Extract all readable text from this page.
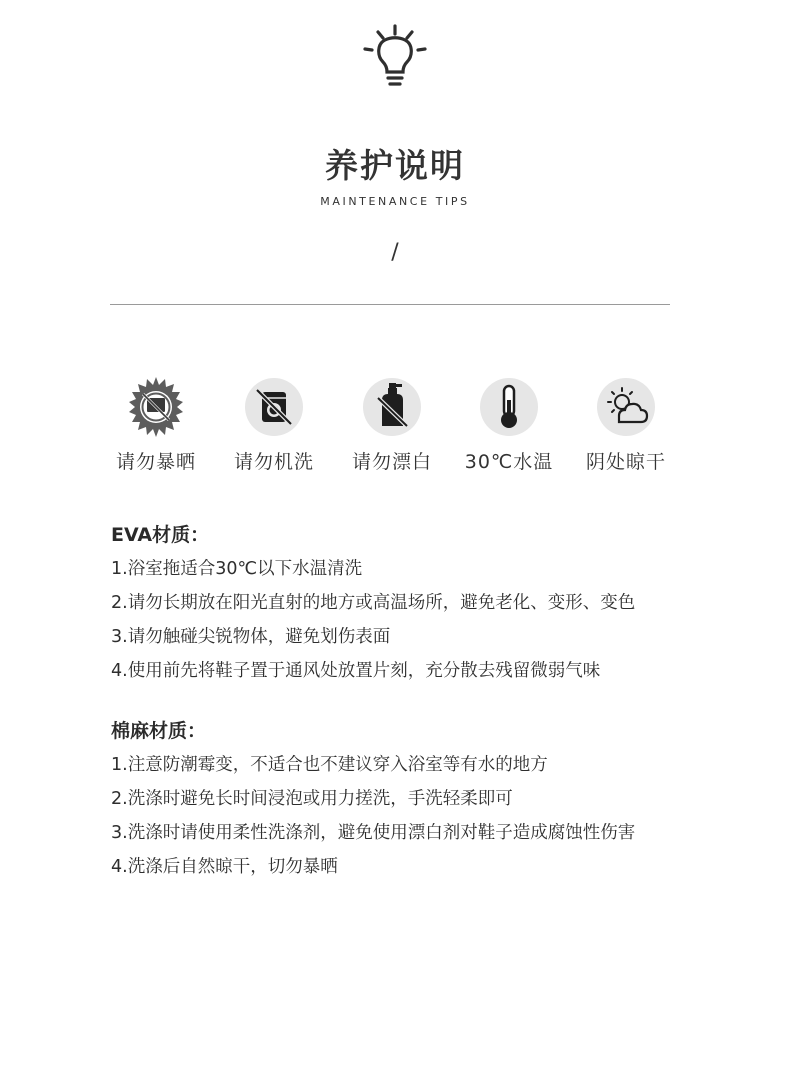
养护说明
MAINTENANCE TIPS
/
请勿暴晒	请勿机洗	请勿漂白	30℃水温	阴处晾干
EVA材质：
1.浴室拖适合30℃以下水温清洗
2.请勿长期放在阳光直射的地方或高温场所，避免老化、变形、变色
3.请勿触碰尖锐物体，避免划伤表面
4.使用前先将鞋子置于通风处放置片刻，充分散去残留微弱气味
棉麻材质：
1.注意防潮霉变，不适合也不建议穿入浴室等有水的地方
2.洗涤时避免长时间浸泡或用力搓洗，手洗轻柔即可
3.洗涤时请使用柔性洗涤剂，避免使用漂白剂对鞋子造成腐蚀性伤害
4.洗涤后自然晾干，切勿暴晒
